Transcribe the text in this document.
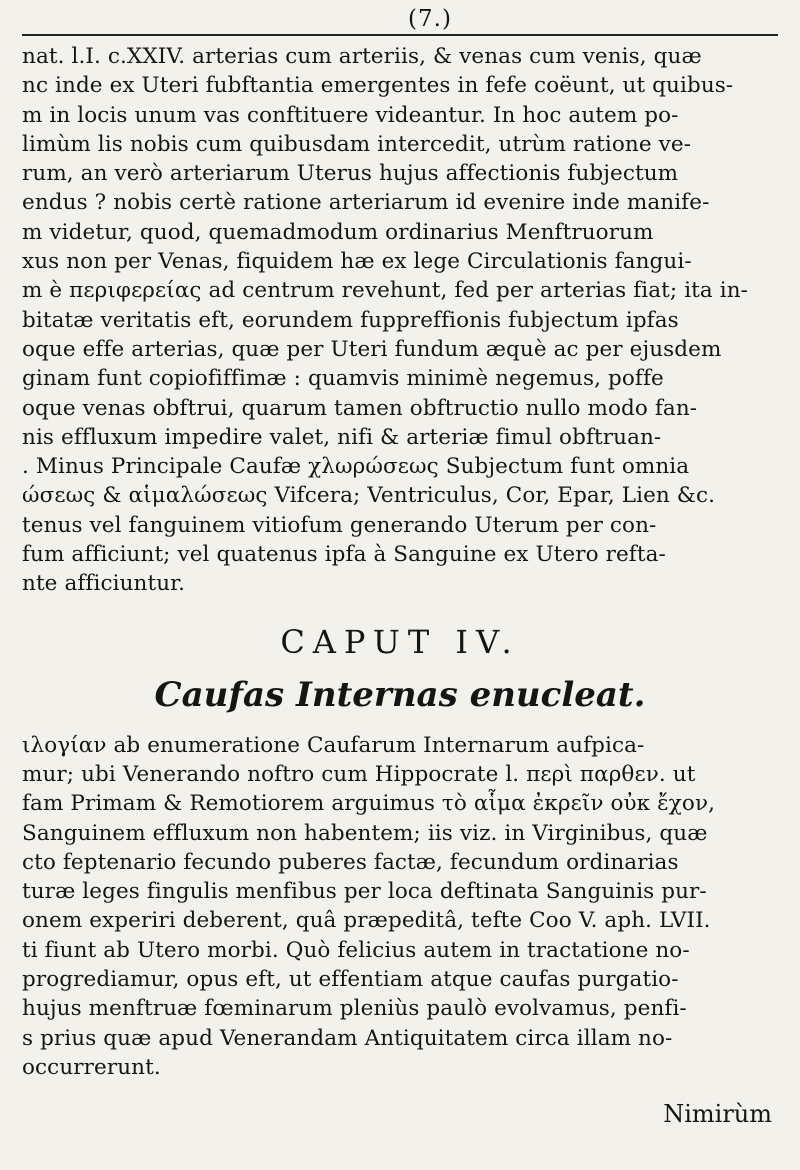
(7.)
nat. l.I. c.XXIV. arterias cum arteriis, & venas cum venis, quæ
nc inde ex Uteri fubftantia emergentes in fefe coëunt, ut quibus-
m in locis unum vas conftituere videantur. In hoc autem po-
limùm lis nobis cum quibusdam intercedit, utrùm ratione ve-
rum, an verò arteriarum Uterus hujus affectionis fubjectum
endus ? nobis certè ratione arteriarum id evenire inde manife-
m videtur, quod, quemadmodum ordinarius Menftruorum
xus non per Venas, fiquidem hæ ex lege Circulationis fangui-
m è περιφερείας ad centrum revehunt, fed per arterias fiat; ita in-
bitatæ veritatis eft, eorundem fuppreffionis fubjectum ipfas
oque effe arterias, quæ per Uteri fundum æquè ac per ejusdem
ginam funt copiofiffimæ : quamvis minimè negemus, poffe
oque venas obftrui, quarum tamen obftructio nullo modo fan-
nis effluxum impedire valet, nifi & arteriæ fimul obftruan-
. Minus Principale Caufæ χλωρώσεως Subjectum funt omnia
ώσεως & αἱμαλώσεως Vifcera; Ventriculus, Cor, Epar, Lien &c.
tenus vel fanguinem vitiofum generando Uterum per con-
fum afficiunt; vel quatenus ipfa à Sanguine ex Utero refta-
nte afficiuntur.
CAPUT IV.
Caufas Internas enucleat.
ιλογίαν ab enumeratione Caufarum Internarum aufpica-
mur; ubi Venerando noftro cum Hippocrate l. περὶ παρθεν. ut
fam Primam & Remotiorem arguimus τὸ αἷμα ἐκρεῖν οὐκ ἔχον,
Sanguinem effluxum non habentem; iis viz. in Virginibus, quæ
cto feptenario fecundo puberes factæ, fecundum ordinarias
turæ leges fingulis menfibus per loca deftinata Sanguinis pur-
onem experiri deberent, quâ præpeditâ, tefte Coo V. aph. LVII.
ti fiunt ab Utero morbi. Quò felicius autem in tractatione no-
progrediamur, opus eft, ut effentiam atque caufas purgatio-
hujus menftruæ fœminarum pleniùs paulò evolvamus, penfi-
s prius quæ apud Venerandam Antiquitatem circa illam no-
occurrerunt.
Nimirùm
